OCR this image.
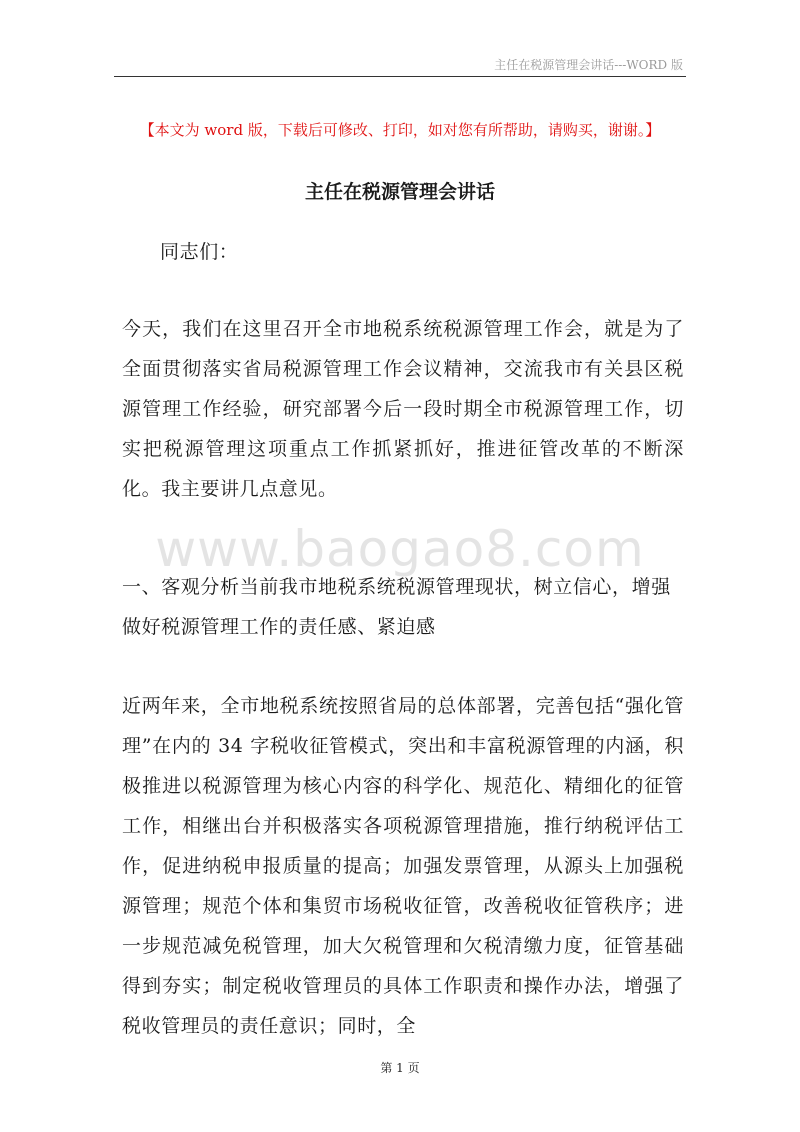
主任在税源管理会讲话---WORD 版
【本文为 word 版，下载后可修改、打印，如对您有所帮助，请购买，谢谢。】
主任在税源管理会讲话
同志们：
今天，我们在这里召开全市地税系统税源管理工作会，就是为了全面贯彻落实省局税源管理工作会议精神，交流我市有关县区税源管理工作经验，研究部署今后一段时期全市税源管理工作，切实把税源管理这项重点工作抓紧抓好，推进征管改革的不断深化。我主要讲几点意见。
www.baogao8.com
一、客观分析当前我市地税系统税源管理现状，树立信心，增强做好税源管理工作的责任感、紧迫感
近两年来，全市地税系统按照省局的总体部署，完善包括“强化管理”在内的 34 字税收征管模式，突出和丰富税源管理的内涵，积极推进以税源管理为核心内容的科学化、规范化、精细化的征管工作，相继出台并积极落实各项税源管理措施，推行纳税评估工作，促进纳税申报质量的提高；加强发票管理，从源头上加强税源管理；规范个体和集贸市场税收征管，改善税收征管秩序；进一步规范减免税管理，加大欠税管理和欠税清缴力度，征管基础得到夯实；制定税收管理员的具体工作职责和操作办法，增强了税收管理员的责任意识；同时，全
第 1 页
